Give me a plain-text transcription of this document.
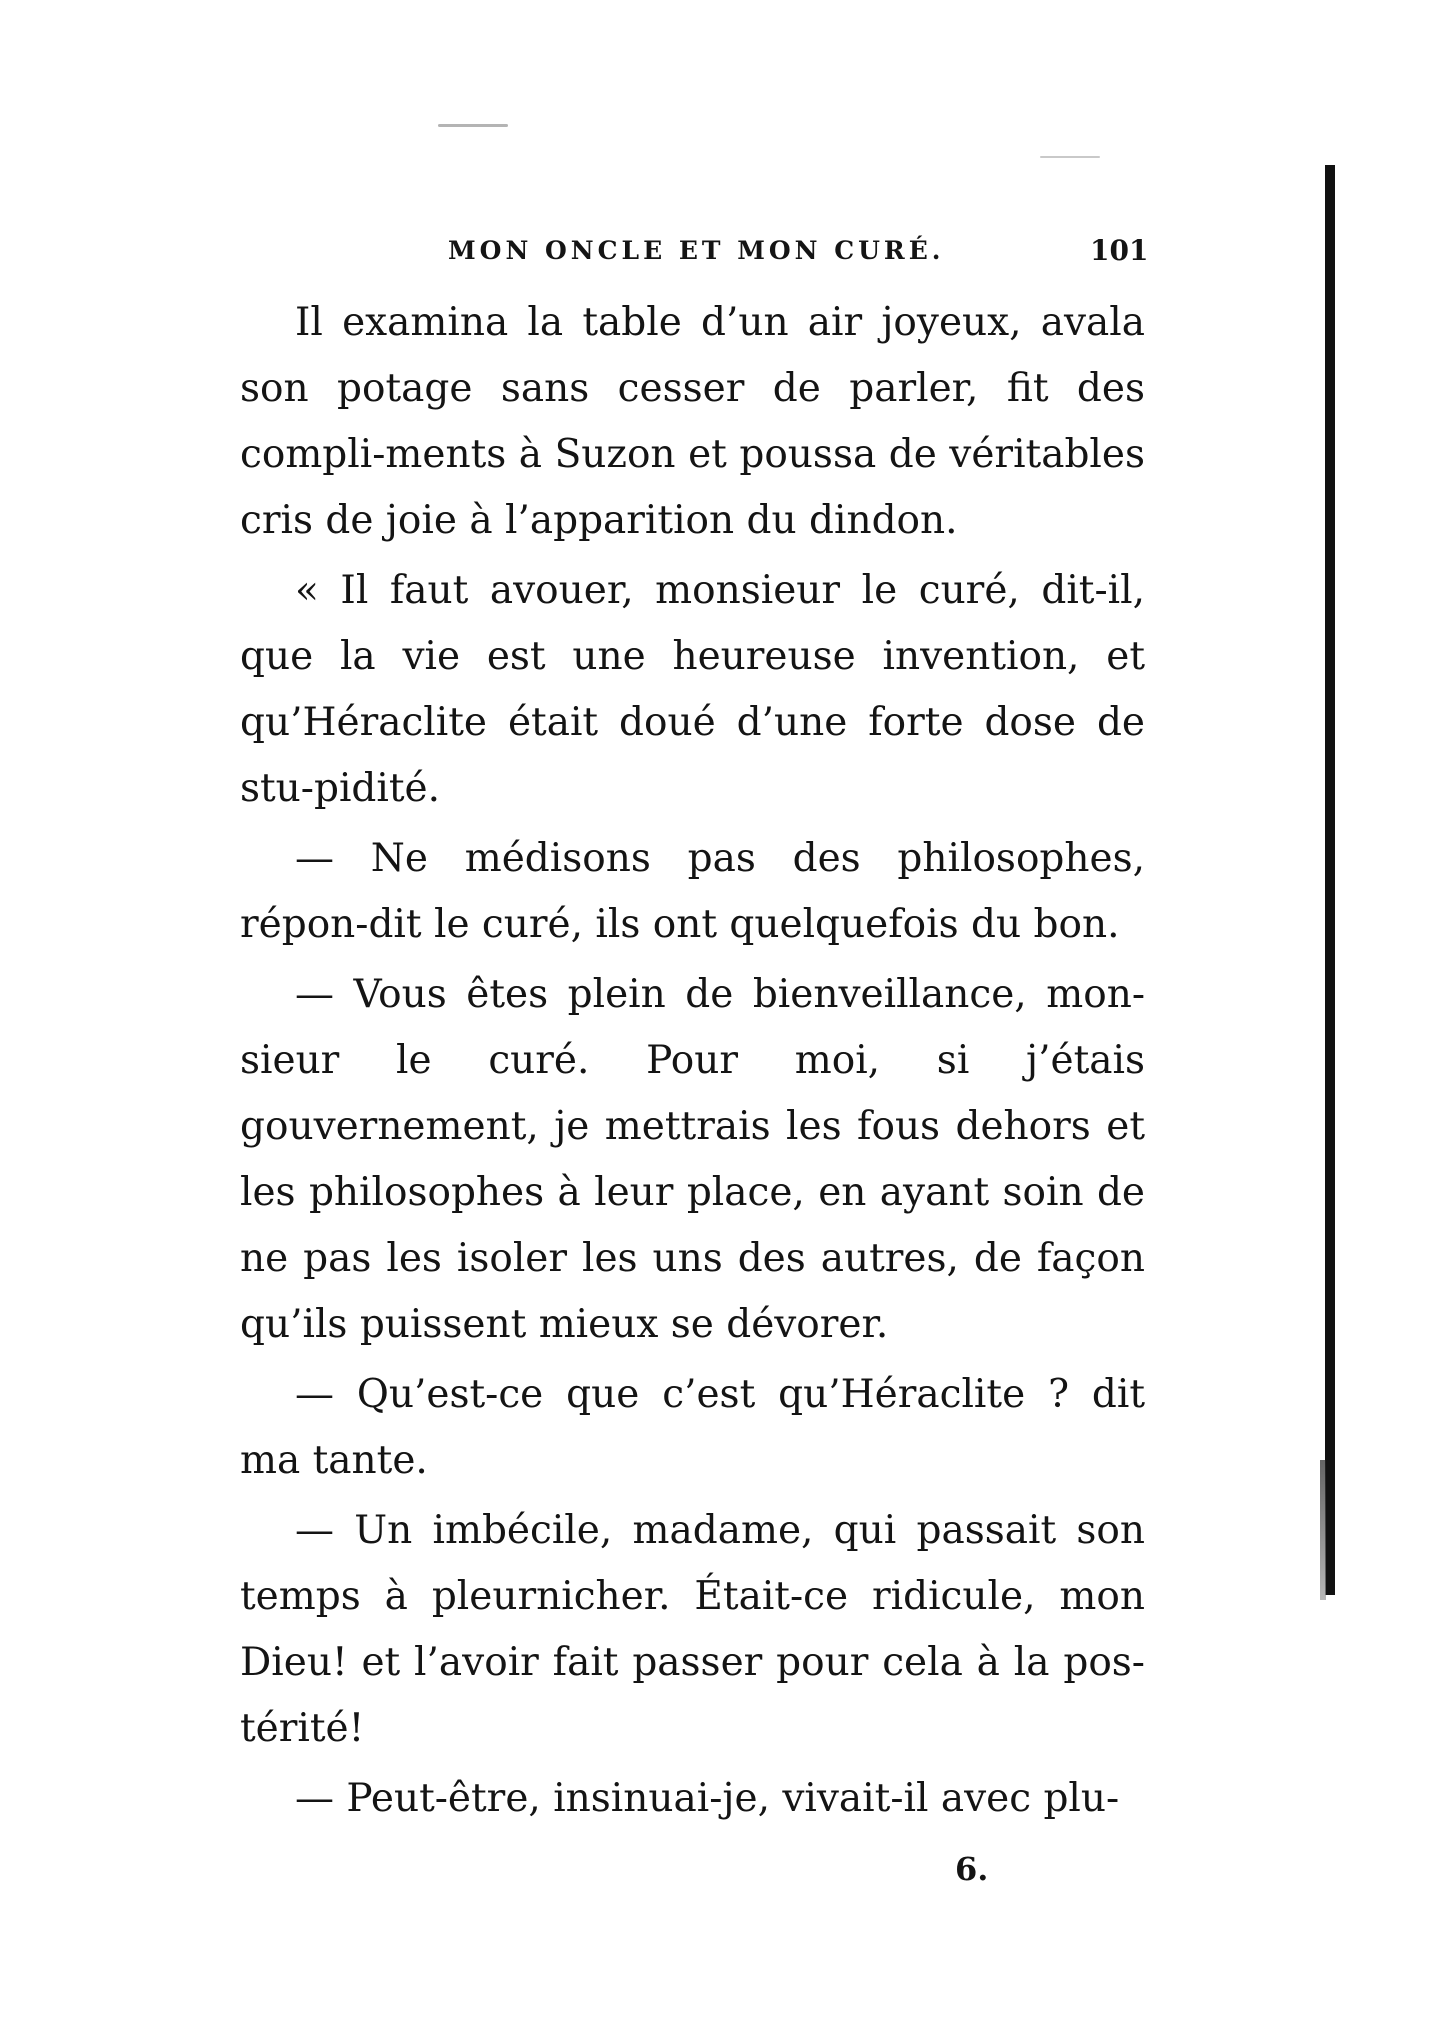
MON ONCLE ET MON CURÉ.	101

Il examina la table d’un air joyeux, avala son potage sans cesser de parler, fit des compli-ments à Suzon et poussa de véritables cris de joie à l’apparition du dindon.

« Il faut avouer, monsieur le curé, dit-il, que la vie est une heureuse invention, et qu’Héraclite était doué d’une forte dose de stu-pidité.

— Ne médisons pas des philosophes, répon-dit le curé, ils ont quelquefois du bon.

— Vous êtes plein de bienveillance, mon-sieur le curé. Pour moi, si j’étais gouvernement, je mettrais les fous dehors et les philosophes à leur place, en ayant soin de ne pas les isoler les uns des autres, de façon qu’ils puissent mieux se dévorer.

— Qu’est-ce que c’est qu’Héraclite ? dit ma tante.

— Un imbécile, madame, qui passait son temps à pleurnicher. Était-ce ridicule, mon Dieu! et l’avoir fait passer pour cela à la pos-térité!

— Peut-être, insinuai-je, vivait-il avec plu-

6.
